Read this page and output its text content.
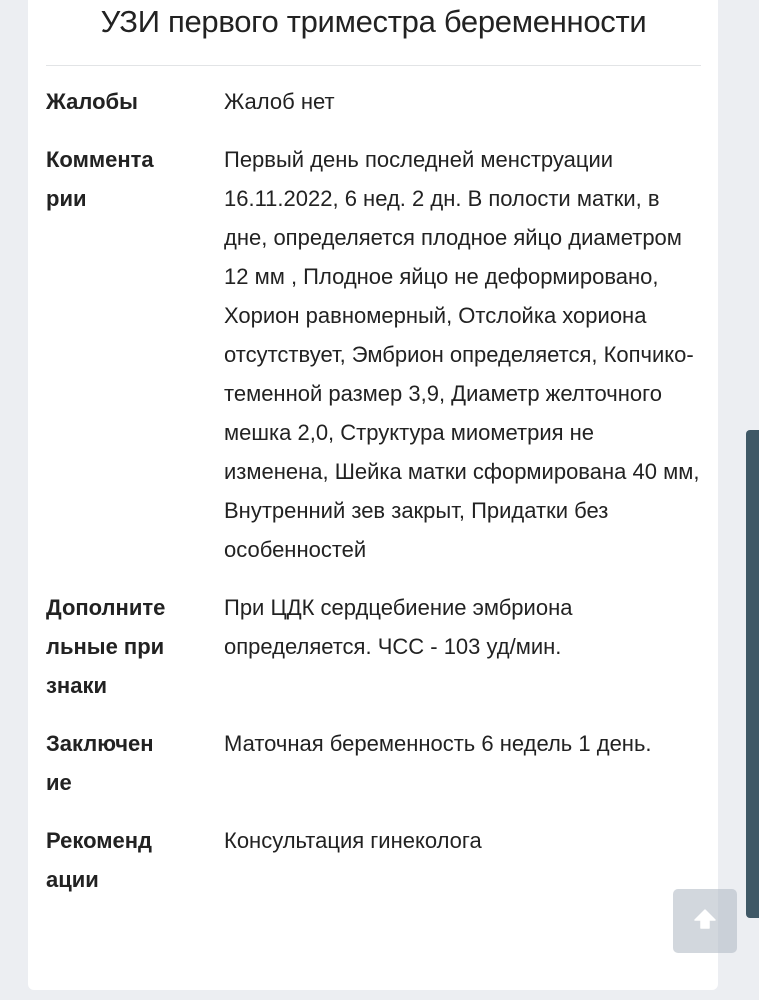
УЗИ первого триместра беременности
Жалобы	Жалоб нет
Комментарии
Первый день последней менструации 16.11.2022, 6 нед. 2 дн. В полости матки, в дне, определяется плодное яйцо диаметром 12 мм , Плодное яйцо не деформировано, Хорион равномерный, Отслойка хориона отсутствует, Эмбрион определяется, Копчико-теменной размер 3,9, Диаметр желточного мешка 2,0, Структура миометрия не изменена, Шейка матки сформирована 40 мм, Внутренний зев закрыт, Придатки без особенностей
Дополнительные признаки
При ЦДК сердцебиение эмбриона определяется. ЧСС - 103 уд/мин.
Заключение
Маточная беременность 6 недель 1 день.
Рекомендации
Консультация гинеколога
